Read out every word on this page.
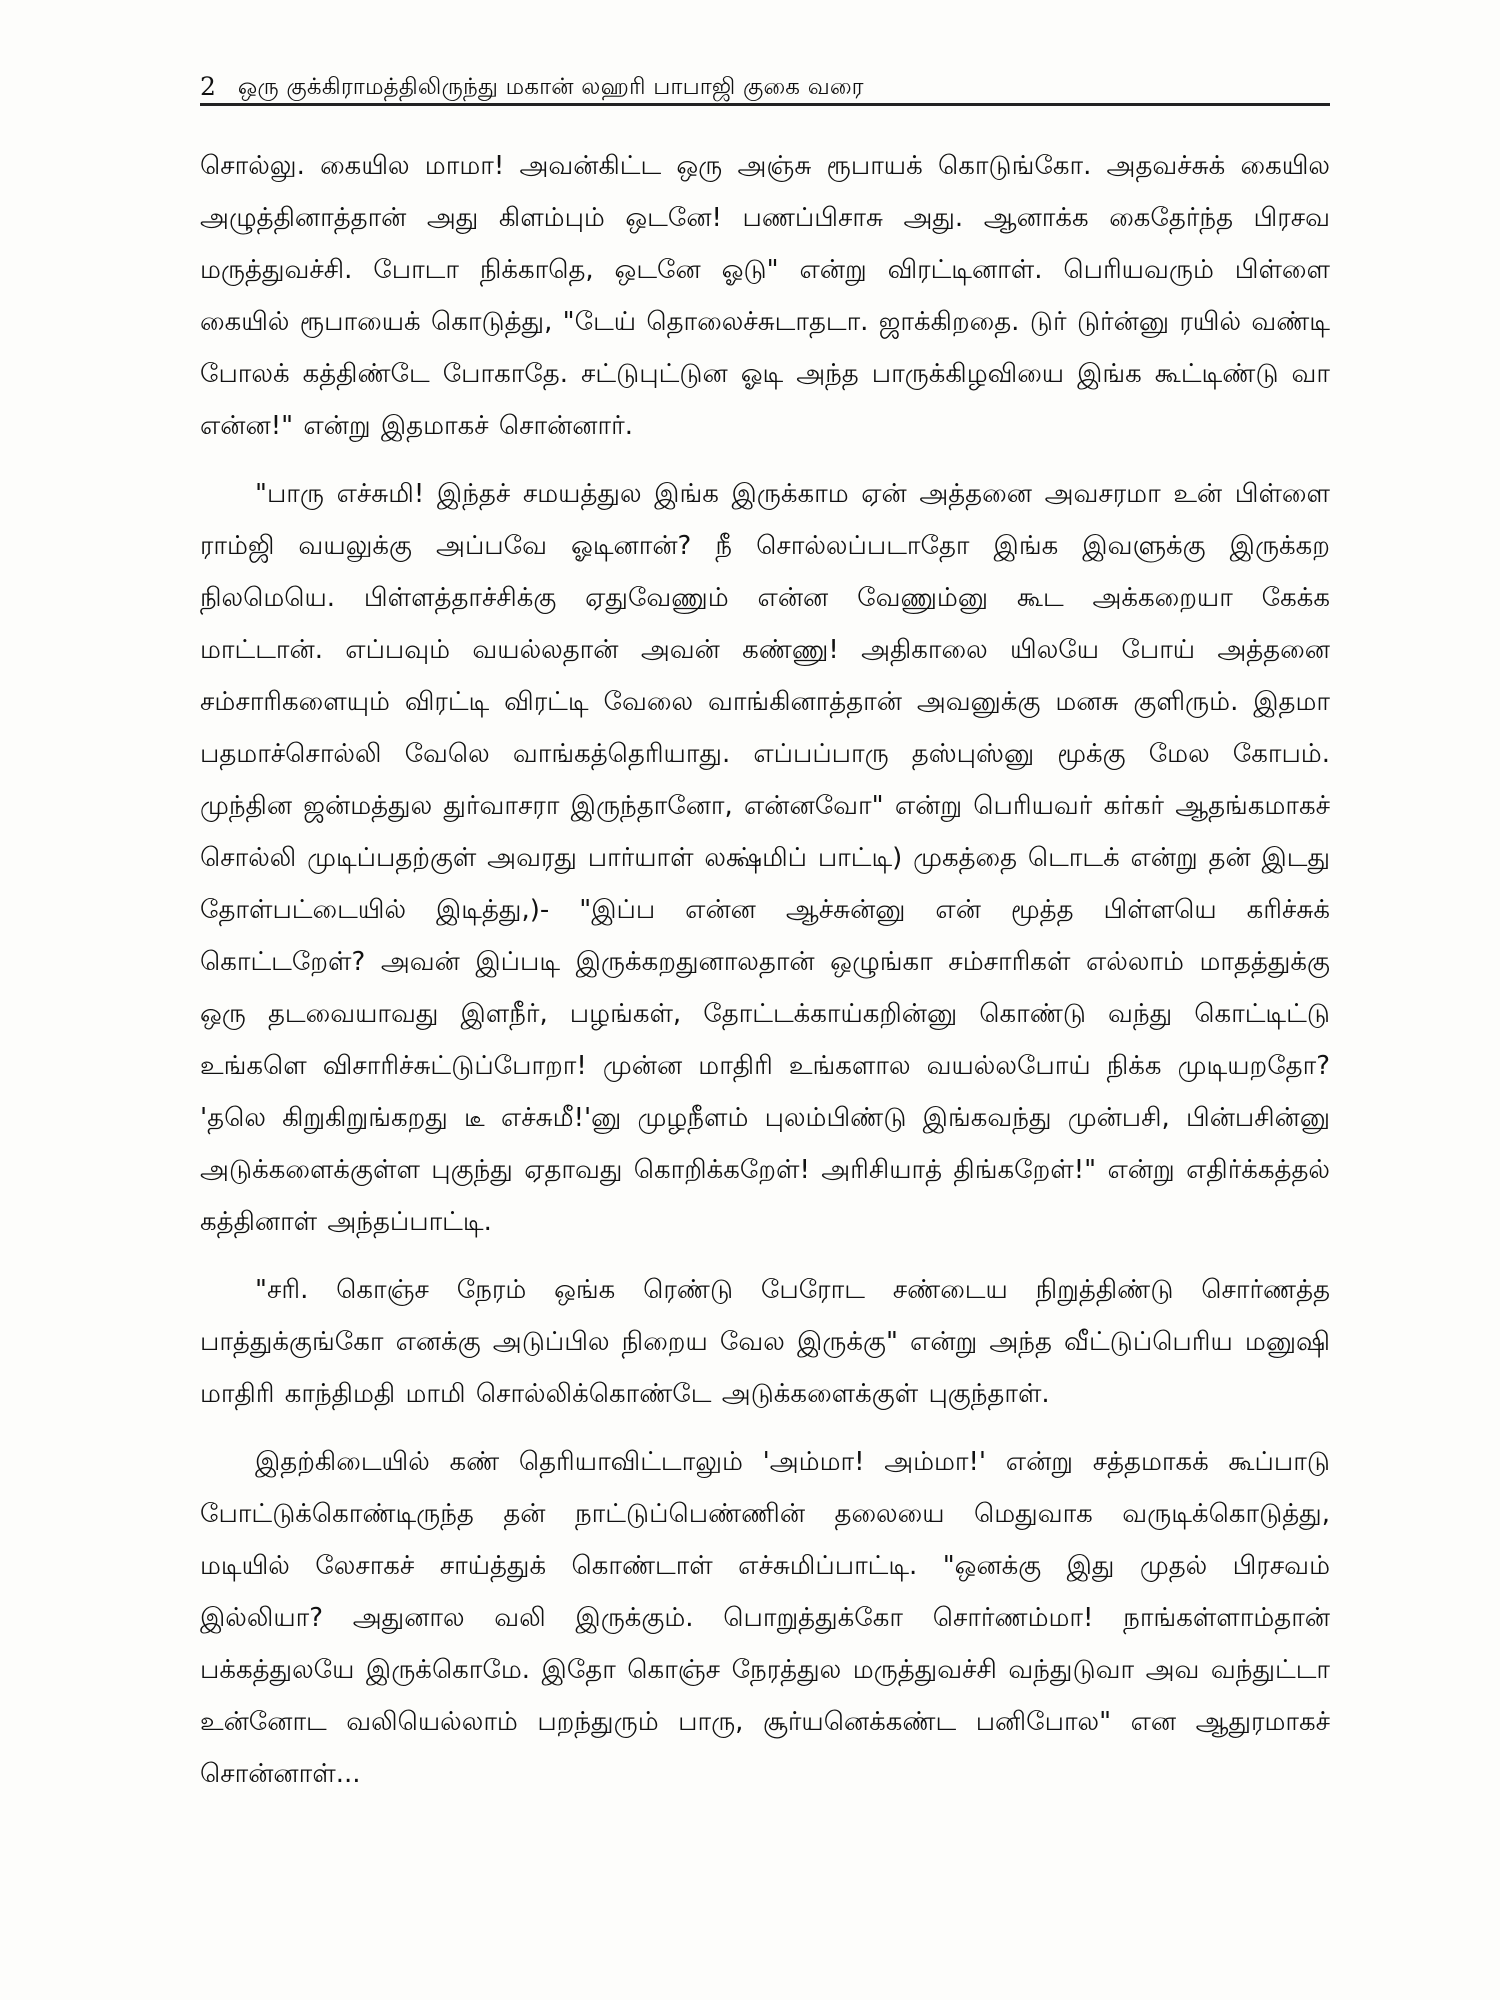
2 ஒரு குக்கிராமத்திலிருந்து மகான் லஹரி பாபாஜி குகை வரை

சொல்லு. கையில மாமா! அவன்கிட்ட ஒரு அஞ்சு ரூபாயக் கொடுங்கோ. அதவச்சுக் கையில அழுத்தினாத்தான் அது கிளம்பும் ஒடனே! பணப்பிசாசு அது. ஆனாக்க கைதேர்ந்த பிரசவ மருத்துவச்சி. போடா நிக்காதெ, ஒடனே ஓடு" என்று விரட்டினாள். பெரியவரும் பிள்ளை கையில் ரூபாயைக் கொடுத்து, "டேய் தொலைச்சுடாதடா. ஜாக்கிறதை. டுர் டுர்ன்னு ரயில் வண்டி போலக் கத்திண்டே போகாதே. சட்டுபுட்டுன ஓடி அந்த பாருக்கிழவியை இங்க கூட்டிண்டு வா என்ன!" என்று இதமாகச் சொன்னார்.

"பாரு எச்சுமி! இந்தச் சமயத்துல இங்க இருக்காம ஏன் அத்தனை அவசரமா உன் பிள்ளை ராம்ஜி வயலுக்கு அப்பவே ஓடினான்? நீ சொல்லப்படாதோ இங்க இவளுக்கு இருக்கற நிலமெயெ. பிள்ளத்தாச்சிக்கு ஏதுவேணும் என்ன வேணும்னு கூட அக்கறையா கேக்க மாட்டான். எப்பவும் வயல்லதான் அவன் கண்ணு! அதிகாலை யிலயே போய் அத்தனை சம்சாரிகளையும் விரட்டி விரட்டி வேலை வாங்கினாத்தான் அவனுக்கு மனசு குளிரும். இதமா பதமாச்சொல்லி வேலெ வாங்கத்தெரியாது. எப்பப்பாரு தஸ்புஸ்னு மூக்கு மேல கோபம். முந்தின ஜன்மத்துல துர்வாசரா இருந்தானோ, என்னவோ" என்று பெரியவர் கர்கர் ஆதங்கமாகச் சொல்லி முடிப்பதற்குள் அவரது பார்யாள் லக்ஷ்மிப் பாட்டி) முகத்தை டொடக் என்று தன் இடது தோள்பட்டையில் இடித்து,)- "இப்ப என்ன ஆச்சுன்னு என் மூத்த பிள்ளயெ கரிச்சுக் கொட்டறேள்? அவன் இப்படி இருக்கறதுனாலதான் ஒழுங்கா சம்சாரிகள் எல்லாம் மாதத்துக்கு ஒரு தடவையாவது இளநீர், பழங்கள், தோட்டக்காய்கறின்னு கொண்டு வந்து கொட்டிட்டு உங்களெ விசாரிச்சுட்டுப்போறா! முன்ன மாதிரி உங்களால வயல்லபோய் நிக்க முடியறதோ? 'தலெ கிறுகிறுங்கறது டீ எச்சுமீ!'னு முழநீளம் புலம்பிண்டு இங்கவந்து முன்பசி, பின்பசின்னு அடுக்களைக்குள்ள புகுந்து ஏதாவது கொறிக்கறேள்! அரிசியாத் திங்கறேள்!" என்று எதிர்க்கத்தல் கத்தினாள் அந்தப்பாட்டி.

"சரி. கொஞ்ச நேரம் ஒங்க ரெண்டு பேரோட சண்டைய நிறுத்திண்டு சொர்ணத்த பாத்துக்குங்கோ எனக்கு அடுப்பில நிறைய வேல இருக்கு" என்று அந்த வீட்டுப்பெரிய மனுஷி மாதிரி காந்திமதி மாமி சொல்லிக்கொண்டே அடுக்களைக்குள் புகுந்தாள்.

இதற்கிடையில் கண் தெரியாவிட்டாலும் 'அம்மா! அம்மா!' என்று சத்தமாகக் கூப்பாடு போட்டுக்கொண்டிருந்த தன் நாட்டுப்பெண்ணின் தலையை மெதுவாக வருடிக்கொடுத்து, மடியில் லேசாகச் சாய்த்துக் கொண்டாள் எச்சுமிப்பாட்டி. "ஒனக்கு இது முதல் பிரசவம் இல்லியா? அதுனால வலி இருக்கும். பொறுத்துக்கோ சொர்ணம்மா! நாங்கள்ளாம்தான் பக்கத்துலயே இருக்கொமே. இதோ கொஞ்ச நேரத்துல மருத்துவச்சி வந்துடுவா அவ வந்துட்டா உன்னோட வலியெல்லாம் பறந்துரும் பாரு, சூர்யனெக்கண்ட பனிபோல" என ஆதுரமாகச் சொன்னாள்...
